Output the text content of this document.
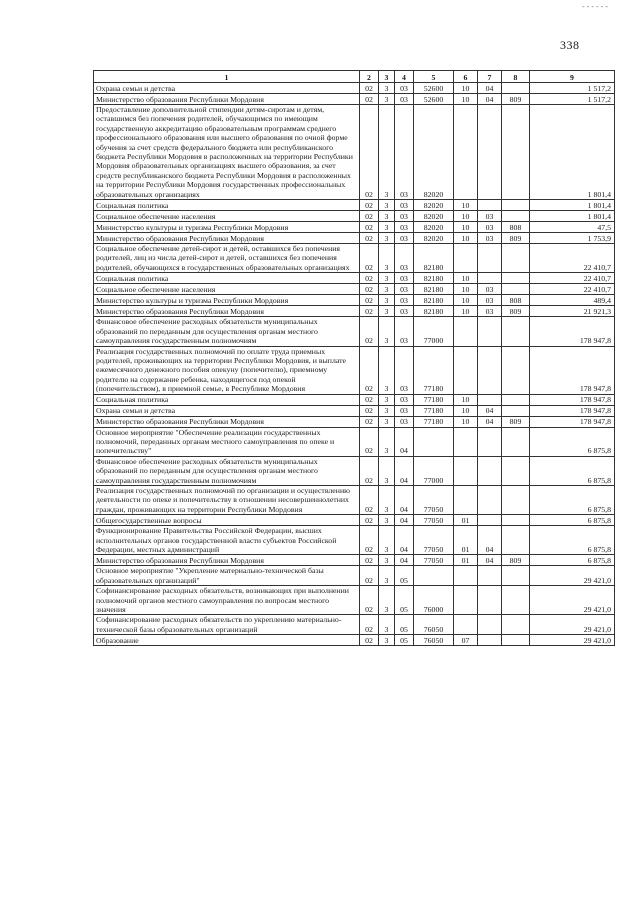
- - - - - -
338
1	2	3	4	5	6	7	8	9
Охрана семьи и детства	02	3	03	52600	10	04		1 517,2
Министерство образования Республики Мордовия	02	3	03	52600	10	04	809	1 517,2
Предоставление дополнительной стипендии детям-сиротам и детям, оставшимся без попечения родителей, обучающимся по имеющим государственную аккредитацию образовательным программам среднего профессионального образования или высшего образования по очной форме обучения за счет средств федерального бюджета или республиканского бюджета Республики Мордовия в расположенных на территории Республики Мордовия образовательных организациях высшего образования, за счет средств республиканского бюджета Республики Мордовия в расположенных на территории Республики Мордовия государственных профессиональных образовательных организациях	02	3	03	82020				1 801,4
Социальная политика	02	3	03	82020	10			1 801,4
Социальное обеспечение населения	02	3	03	82020	10	03		1 801,4
Министерство культуры и туризма Республики Мордовия	02	3	03	82020	10	03	808	47,5
Министерство образования Республики Мордовия	02	3	03	82020	10	03	809	1 753,9
Социальное обеспечение детей-сирот и детей, оставшихся без попечения родителей, лиц из числа детей-сирот и детей, оставшихся без попечения родителей, обучающихся в государственных образовательных организациях	02	3	03	82180				22 410,7
Социальная политика	02	3	03	82180	10			22 410,7
Социальное обеспечение населения	02	3	03	82180	10	03		22 410,7
Министерство культуры и туризма Республики Мордовия	02	3	03	82180	10	03	808	489,4
Министерство образования Республики Мордовия	02	3	03	82180	10	03	809	21 921,3
Финансовое обеспечение расходных обязательств муниципальных образований по переданным для осуществления органам местного самоуправления государственным полномочиям	02	3	03	77000				178 947,8
Реализация государственных полномочий по оплате труда приемных родителей, проживающих на территории Республики Мордовия, и выплате ежемесячного денежного пособия опекуну (попечителю), приемному родителю на содержание ребенка, находящегося под опекой (попечительством), в приемной семье, в Республике Мордовия	02	3	03	77180				178 947,8
Социальная политика	02	3	03	77180	10			178 947,8
Охрана семьи и детства	02	3	03	77180	10	04		178 947,8
Министерство образования Республики Мордовия	02	3	03	77180	10	04	809	178 947,8
Основное мероприятие "Обеспечение реализации государственных полномочий, переданных органам местного самоуправления по опеке и попечительству"	02	3	04					6 875,8
Финансовое обеспечение расходных обязательств муниципальных образований по переданным для осуществления органам местного самоуправления государственным полномочиям	02	3	04	77000				6 875,8
Реализация государственных полномочий по организации и осуществлению деятельности по опеке и попечительству в отношении несовершеннолетних граждан, проживающих на территории Республики Мордовия	02	3	04	77050				6 875,8
Общегосударственные вопросы	02	3	04	77050	01			6 875,8
Функционирование Правительства Российской Федерации, высших исполнительных органов государственной власти субъектов Российской Федерации, местных администраций	02	3	04	77050	01	04		6 875,8
Министерство образования Республики Мордовия	02	3	04	77050	01	04	809	6 875,8
Основное мероприятие "Укрепление материально-технической базы образовательных организаций"	02	3	05					29 421,0
Софинансирование расходных обязательств, возникающих при выполнении полномочий органов местного самоуправления по вопросам местного значения	02	3	05	76000				29 421,0
Софинансирование расходных обязательств по укреплению материально-технической базы образовательных организаций	02	3	05	76050				29 421,0
Образование	02	3	05	76050	07			29 421,0
